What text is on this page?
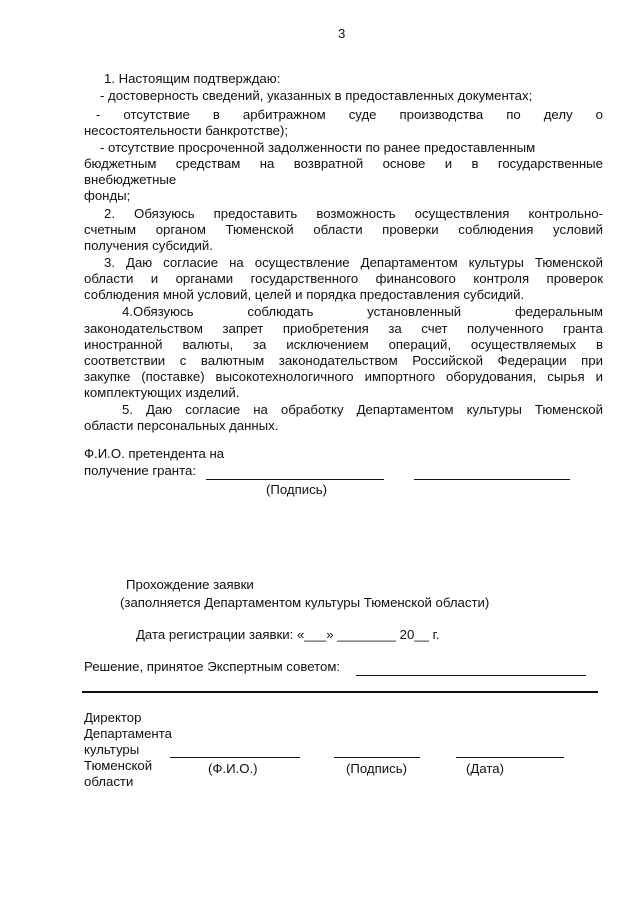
3
1. Настоящим подтверждаю:
- достоверность сведений, указанных в предоставленных документах;
- отсутствие в арбитражном суде производства по делу о
несостоятельности банкротстве);
- отсутствие просроченной задолженности по ранее предоставленным
бюджетным средствам на возвратной основе и в государственные
внебюджетные
фонды;
2. Обязуюсь предоставить возможность осуществления контрольно-
счетным органом Тюменской области проверки соблюдения условий
получения субсидий.
3. Даю согласие на осуществление Департаментом культуры Тюменской
области и органами государственного финансового контроля проверок
соблюдения мной условий, целей и порядка предоставления субсидий.
4.Обязуюсь соблюдать установленный федеральным
законодательством запрет приобретения за счет полученного гранта
иностранной валюты, за исключением операций, осуществляемых в
соответствии с валютным законодательством Российской Федерации при
закупке (поставке) высокотехнологичного импортного оборудования, сырья и
комплектующих изделий.
5. Даю согласие на обработку Департаментом культуры Тюменской
области персональных данных.
Ф.И.О. претендента на
получение гранта:
(Подпись)
Прохождение заявки
(заполняется Департаментом культуры Тюменской области)
Дата регистрации заявки: «___» ________ 20__ г.
Решение, принятое Экспертным советом:
Директор
Департамента
культуры
Тюменской
области
(Ф.И.О.)	(Подпись)	(Дата)
